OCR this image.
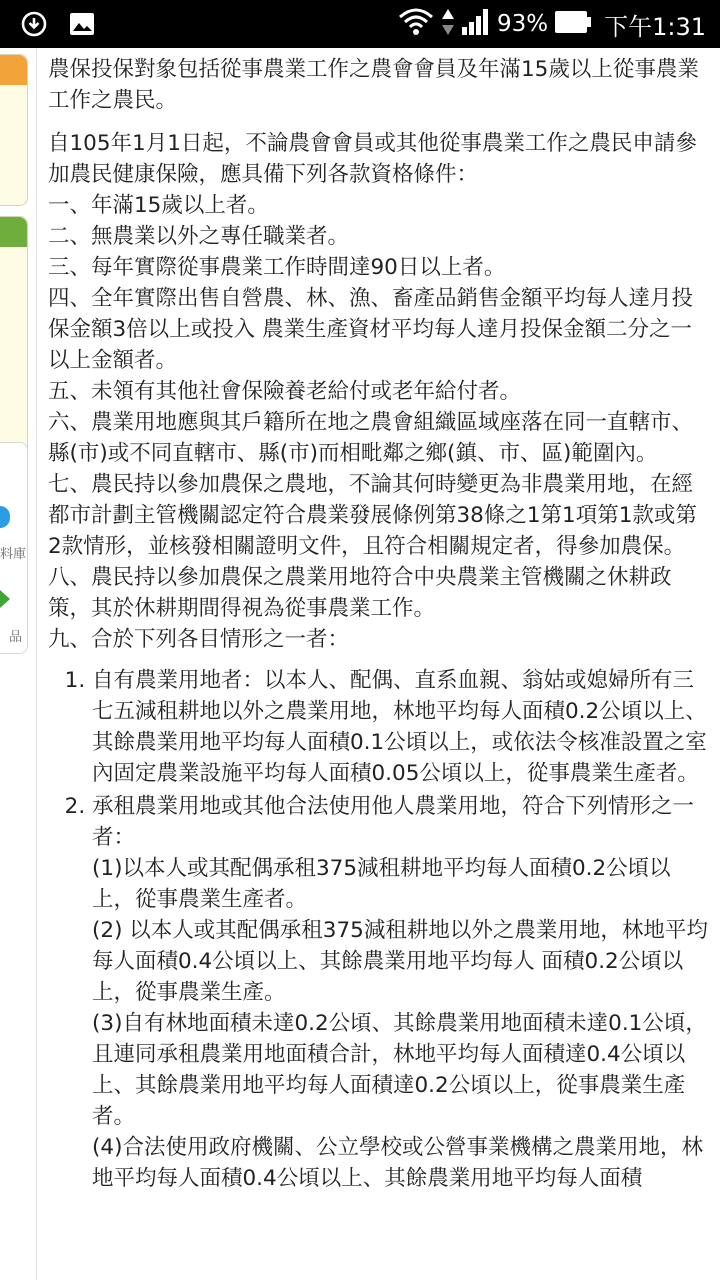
93% 下午1:31
料庫
品

農保投保對象包括從事農業工作之農會會員及年滿15歲以上從事農業工作之農民。

自105年1月1日起，不論農會會員或其他從事農業工作之農民申請參加農民健康保險，應具備下列各款資格條件：

一、年滿15歲以上者。

二、無農業以外之專任職業者。

三、每年實際從事農業工作時間達90日以上者。

四、全年實際出售自營農、林、漁、畜產品銷售金額平均每人達月投保金額3倍以上或投入 農業生產資材平均每人達月投保金額二分之一以上金額者。

五、未領有其他社會保險養老給付或老年給付者。

六、農業用地應與其戶籍所在地之農會組織區域座落在同一直轄市、縣(市)或不同直轄市、縣(市)而相毗鄰之鄉(鎮、市、區)範圍內。

七、農民持以參加農保之農地，不論其何時變更為非農業用地，在經都市計劃主管機關認定符合農業發展條例第38條之1第1項第1款或第2款情形，並核發相關證明文件，且符合相關規定者，得參加農保。

八、農民持以參加農保之農業用地符合中央農業主管機關之休耕政策，其於休耕期間得視為從事農業工作。

九、合於下列各目情形之一者：

1. 自有農業用地者：以本人、配偶、直系血親、翁姑或媳婦所有三七五減租耕地以外之農業用地，林地平均每人面積0.2公頃以上、其餘農業用地平均每人面積0.1公頃以上，或依法令核准設置之室內固定農業設施平均每人面積0.05公頃以上，從事農業生產者。
2. 承租農業用地或其他合法使用他人農業用地，符合下列情形之一者：
(1)以本人或其配偶承租375減租耕地平均每人面積0.2公頃以上，從事農業生產者。
(2) 以本人或其配偶承租375減租耕地以外之農業用地，林地平均每人面積0.4公頃以上、其餘農業用地平均每人 面積0.2公頃以上，從事農業生產。
(3)自有林地面積未達0.2公頃、其餘農業用地面積未達0.1公頃，且連同承租農業用地面積合計，林地平均每人面積達0.4公頃以上、其餘農業用地平均每人面積達0.2公頃以上，從事農業生產者。
(4)合法使用政府機關、公立學校或公營事業機構之農業用地，林地平均每人面積0.4公頃以上、其餘農業用地平均每人面積
